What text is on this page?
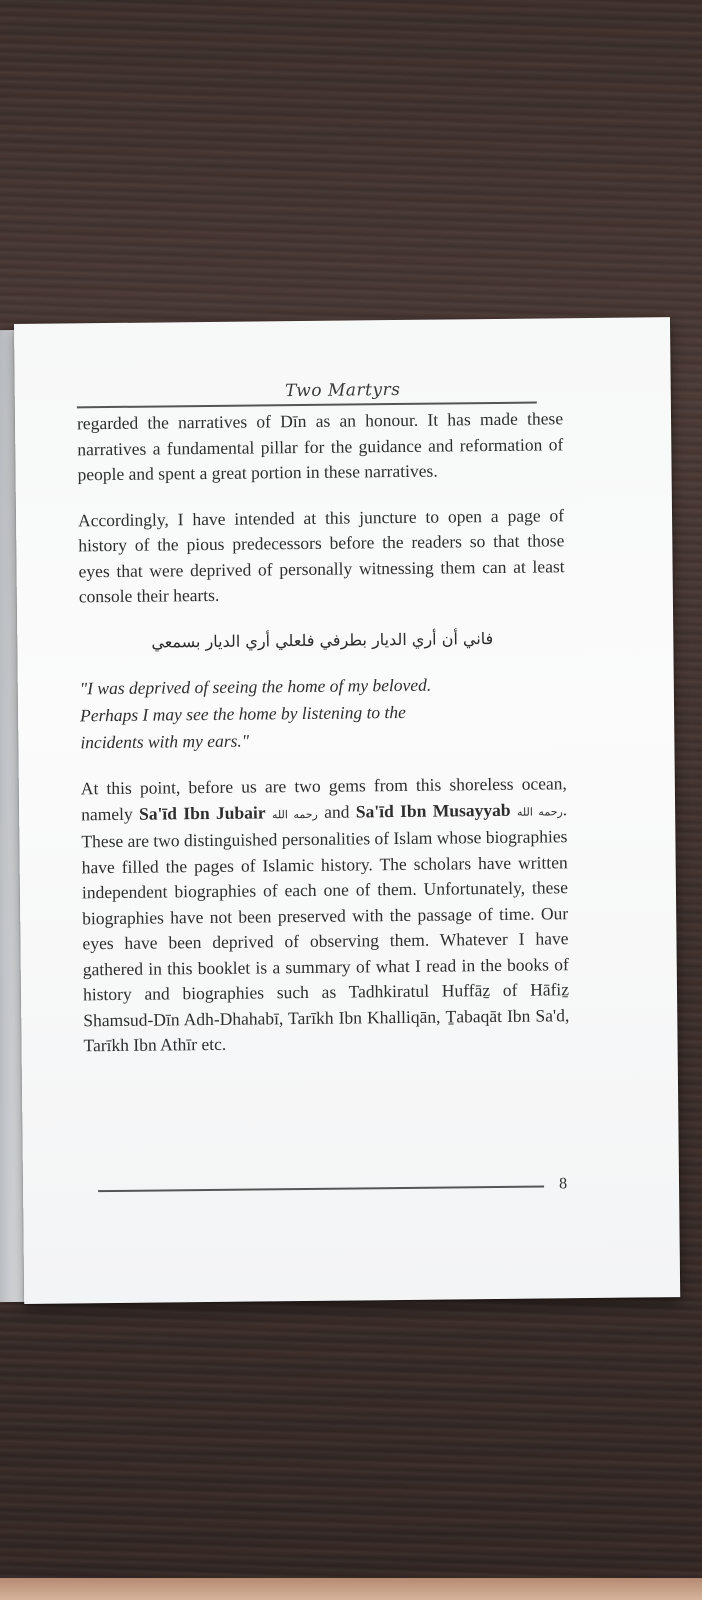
Two Martyrs

regarded the narratives of Dīn as an honour. It has made these narratives a fundamental pillar for the guidance and reformation of people and spent a great portion in these narratives.

Accordingly, I have intended at this juncture to open a page of history of the pious predecessors before the readers so that those eyes that were deprived of personally witnessing them can at least console their hearts.

فاني أن أري الديار بطرفي فلعلي أري الديار بسمعي

"I was deprived of seeing the home of my beloved.
Perhaps I may see the home by listening to the
incidents with my ears."

At this point, before us are two gems from this shoreless ocean, namely Sa'īd Ibn Jubair رحمه الله and Sa'īd Ibn Musayyab رحمه الله. These are two distinguished personalities of Islam whose biographies have filled the pages of Islamic history. The scholars have written independent biographies of each one of them. Unfortunately, these biographies have not been preserved with the passage of time. Our eyes have been deprived of observing them. Whatever I have gathered in this booklet is a summary of what I read in the books of history and biographies such as Tadhkiratul Huffāẕ of Hāfiẕ Shamsud-Dīn Adh-Dhahabī, Tarīkh Ibn Khalliqān, Ṯabaqāt Ibn Sa'd, Tarīkh Ibn Athīr etc.

8
